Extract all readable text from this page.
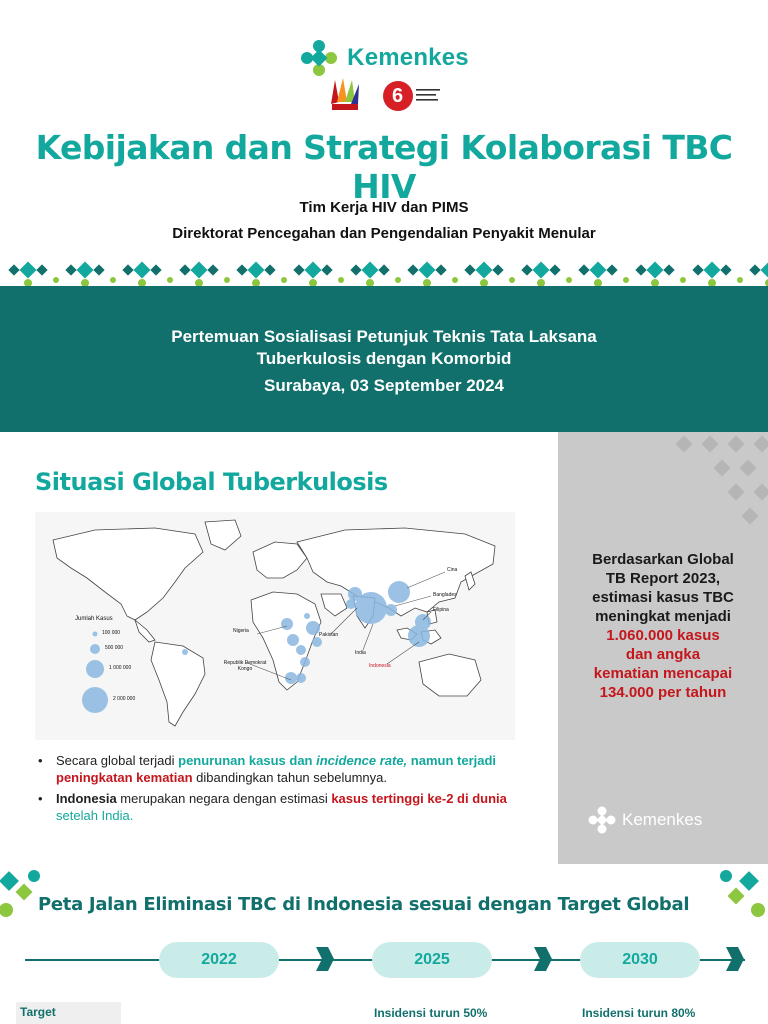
Kemenkes
6
Kebijakan dan Strategi Kolaborasi TBC HIV
Tim Kerja HIV dan PIMS
Direktorat Pencegahan dan Pengendalian Penyakit Menular
Pertemuan Sosialisasi Petunjuk Teknis Tata Laksana
Tuberkulosis dengan Komorbid
Surabaya, 03 September 2024
Situasi Global Tuberkulosis
Jumlah Kasus
100 000
500 000
1 000 000
2 000 000
Cina
Banglades
Filipina
Pakistan
India
Indonesia
Nigeria
Republik Demokrat Kongo
• Secara global terjadi penurunan kasus dan incidence rate, namun terjadi peningkatan kematian dibandingkan tahun sebelumnya.
• Indonesia merupakan negara dengan estimasi kasus tertinggi ke-2 di dunia setelah India.
Berdasarkan Global
TB Report 2023,
estimasi kasus TBC
meningkat menjadi
1.060.000 kasus
dan angka
kematian mencapai
134.000 per tahun
Kemenkes
Peta Jalan Eliminasi TBC di Indonesia sesuai dengan Target Global
2022	2025	2030
Target	Insidensi turun 50%	Insidensi turun 80%
